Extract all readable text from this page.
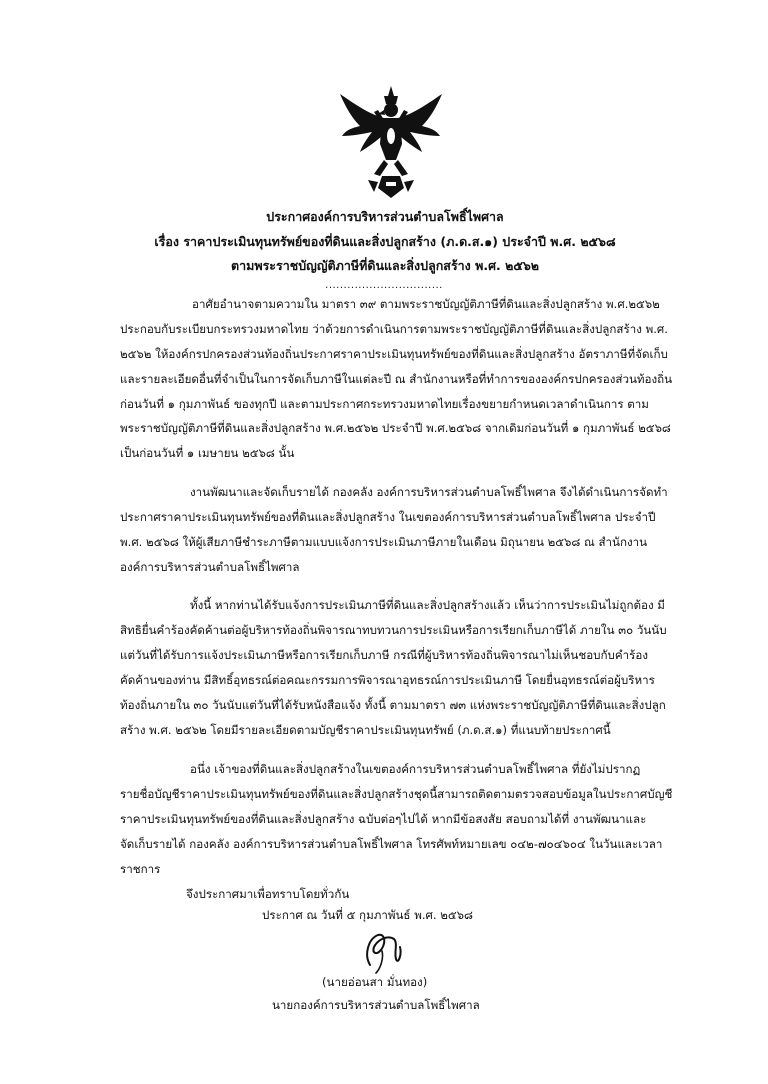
ประกาศองค์การบริหารส่วนตำบลโพธิ์ไพศาล
เรื่อง ราคาประเมินทุนทรัพย์ของที่ดินและสิ่งปลูกสร้าง (ภ.ด.ส.๑) ประจำปี พ.ศ. ๒๕๖๘
ตามพระราชบัญญัติภาษีที่ดินและสิ่งปลูกสร้าง พ.ศ. ๒๕๖๒
................................
อาศัยอำนาจตามความใน มาตรา ๓๙ ตามพระราชบัญญัติภาษีที่ดินและสิ่งปลูกสร้าง พ.ศ.๒๕๖๒
ประกอบกับระเบียบกระทรวงมหาดไทย ว่าด้วยการดำเนินการตามพระราชบัญญัติภาษีที่ดินและสิ่งปลูกสร้าง พ.ศ.
๒๕๖๒ ให้องค์กรปกครองส่วนท้องถิ่นประกาศราคาประเมินทุนทรัพย์ของที่ดินและสิ่งปลูกสร้าง อัตราภาษีที่จัดเก็บ
และรายละเอียดอื่นที่จำเป็นในการจัดเก็บภาษีในแต่ละปี ณ สำนักงานหรือที่ทำการขององค์กรปกครองส่วนท้องถิ่น
ก่อนวันที่ ๑ กุมภาพันธ์ ของทุกปี และตามประกาศกระทรวงมหาดไทยเรื่องขยายกำหนดเวลาดำเนินการ ตาม
พระราชบัญญัติภาษีที่ดินและสิ่งปลูกสร้าง พ.ศ.๒๕๖๒ ประจำปี พ.ศ.๒๕๖๘ จากเดิมก่อนวันที่ ๑ กุมภาพันธ์ ๒๕๖๘
เป็นก่อนวันที่ ๑ เมษายน ๒๕๖๘ นั้น
งานพัฒนาและจัดเก็บรายได้ กองคลัง องค์การบริหารส่วนตำบลโพธิ์ไพศาล จึงได้ดำเนินการจัดทำ
ประกาศราคาประเมินทุนทรัพย์ของที่ดินและสิ่งปลูกสร้าง ในเขตองค์การบริหารส่วนตำบลโพธิ์ไพศาล ประจำปี
พ.ศ. ๒๕๖๘ ให้ผู้เสียภาษีชำระภาษีตามแบบแจ้งการประเมินภาษีภายในเดือน มิถุนายน ๒๕๖๘ ณ สำนักงาน
องค์การบริหารส่วนตำบลโพธิ์ไพศาล
ทั้งนี้ หากท่านได้รับแจ้งการประเมินภาษีที่ดินและสิ่งปลูกสร้างแล้ว เห็นว่าการประเมินไม่ถูกต้อง มี
สิทธิยื่นคำร้องคัดค้านต่อผู้บริหารท้องถิ่นพิจารณาทบทวนการประเมินหรือการเรียกเก็บภาษีได้ ภายใน ๓๐ วันนับ
แต่วันที่ได้รับการแจ้งประเมินภาษีหรือการเรียกเก็บภาษี กรณีที่ผู้บริหารท้องถิ่นพิจารณาไม่เห็นชอบกับคำร้อง
คัดค้านของท่าน มีสิทธิ์อุทธรณ์ต่อคณะกรรมการพิจารณาอุทธรณ์การประเมินภาษี โดยยื่นอุทธรณ์ต่อผู้บริหาร
ท้องถิ่นภายใน ๓๐ วันนับแต่วันที่ได้รับหนังสือแจ้ง ทั้งนี้ ตามมาตรา ๗๓ แห่งพระราชบัญญัติภาษีที่ดินและสิ่งปลูก
สร้าง พ.ศ. ๒๕๖๒ โดยมีรายละเอียดตามบัญชีราคาประเมินทุนทรัพย์ (ภ.ด.ส.๑) ที่แนบท้ายประกาศนี้
อนึ่ง เจ้าของที่ดินและสิ่งปลูกสร้างในเขตองค์การบริหารส่วนตำบลโพธิ์ไพศาล ที่ยังไม่ปรากฏ
รายชื่อบัญชีราคาประเมินทุนทรัพย์ของที่ดินและสิ่งปลูกสร้างชุดนี้สามารถติดตามตรวจสอบข้อมูลในประกาศบัญชี
ราคาประเมินทุนทรัพย์ของที่ดินและสิ่งปลูกสร้าง ฉบับต่อๆไปได้ หากมีข้อสงสัย สอบถามได้ที่ งานพัฒนาและ
จัดเก็บรายได้ กองคลัง องค์การบริหารส่วนตำบลโพธิ์ไพศาล โทรศัพท์หมายเลข ๐๔๒-๗๐๔๖๐๔ ในวันและเวลา
ราชการ
จึงประกาศมาเพื่อทราบโดยทั่วกัน
ประกาศ ณ วันที่ ๕ กุมภาพันธ์ พ.ศ. ๒๕๖๘
(นายอ่อนสา มั่นทอง)
นายกองค์การบริหารส่วนตำบลโพธิ์ไพศาล
